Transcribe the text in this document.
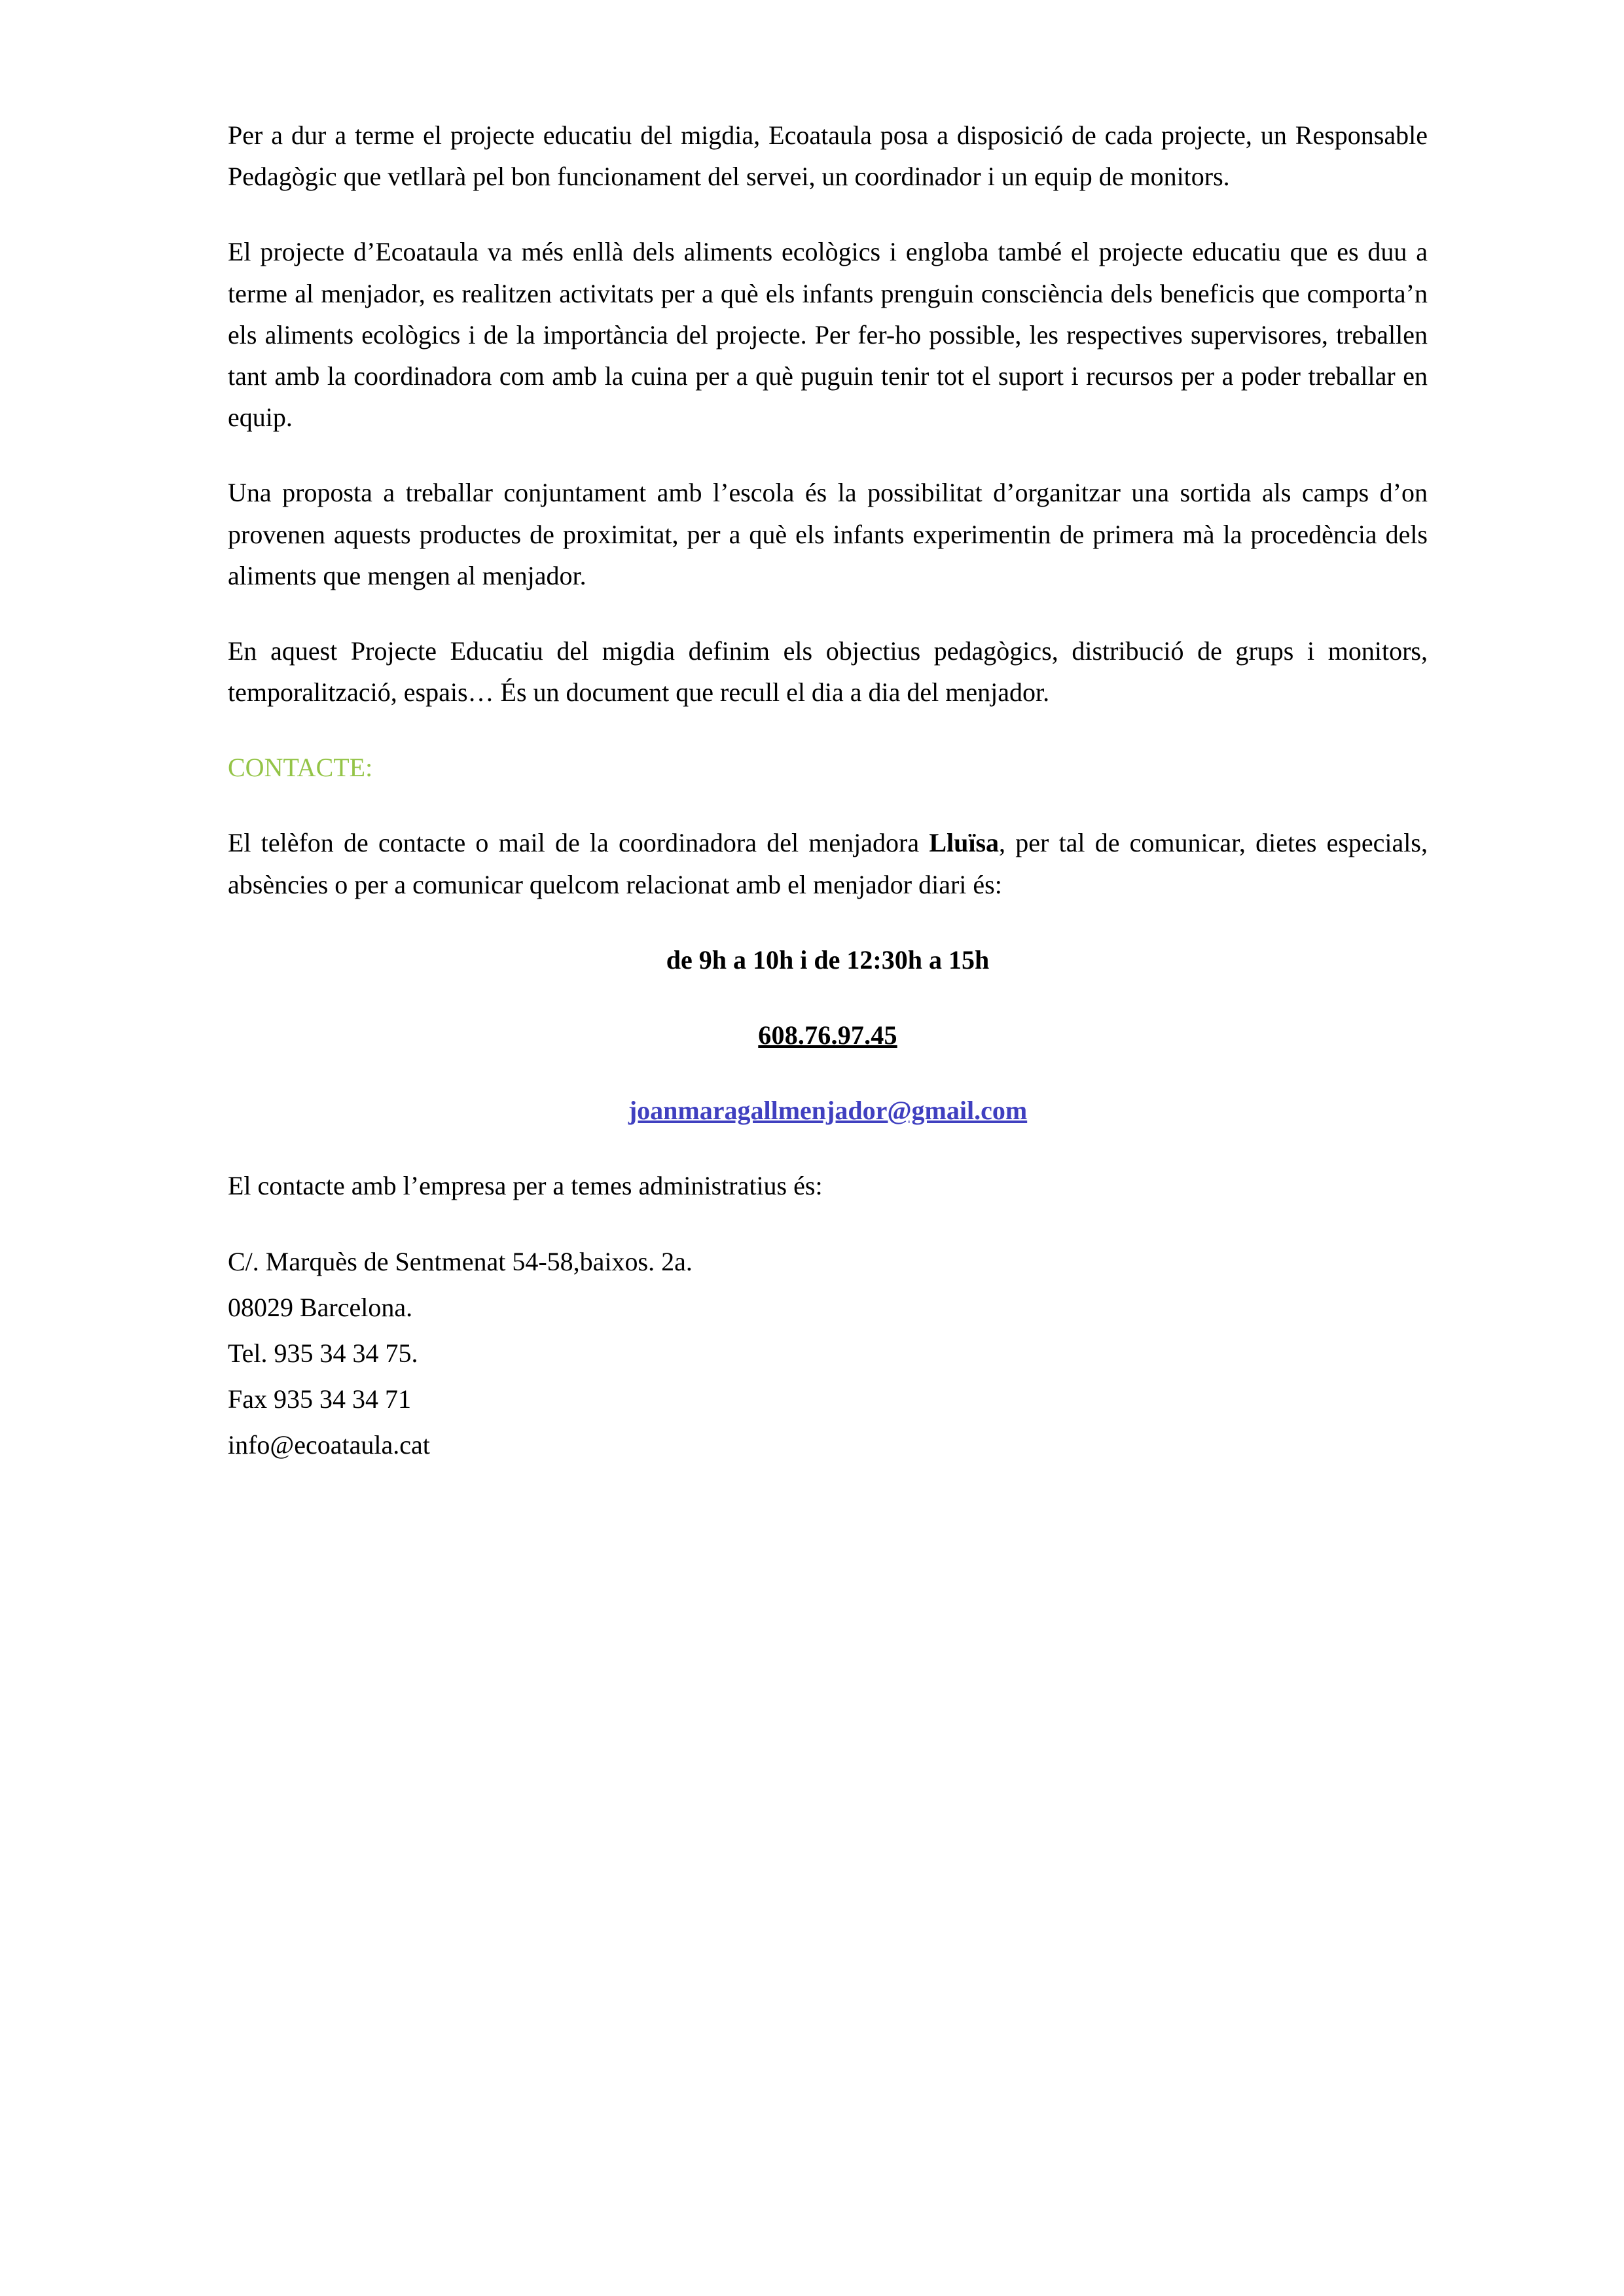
Per a dur a terme el projecte educatiu del migdia, Ecoataula posa a disposició de cada projecte, un Responsable Pedagògic que vetllarà pel bon funcionament del servei, un coordinador i un equip de monitors.

El projecte d’Ecoataula va més enllà dels aliments ecològics i engloba també el projecte educatiu que es duu a terme al menjador, es realitzen activitats per a què els infants prenguin consciència dels beneficis que comporta’n els aliments ecològics i de la importància del projecte. Per fer-ho possible, les respectives supervisores, treballen tant amb la coordinadora com amb la cuina per a què puguin tenir tot el suport i recursos per a poder treballar en equip.

Una proposta a treballar conjuntament amb l’escola és la possibilitat d’organitzar una sortida als camps d’on provenen aquests productes de proximitat, per a què els infants experimentin de primera mà la procedència dels aliments que mengen al menjador.

En aquest Projecte Educatiu del migdia definim els objectius pedagògics, distribució de grups i monitors, temporalització, espais… És un document que recull el dia a dia del menjador.

CONTACTE:

El telèfon de contacte o mail de la coordinadora del menjadora Lluïsa, per tal de comunicar, dietes especials, absències o per a comunicar quelcom relacionat amb el menjador diari és:

de 9h a 10h i de 12:30h a 15h
608.76.97.45
joanmaragallmenjador@gmail.com

El contacte amb l’empresa per a temes administratius és:

C/. Marquès de Sentmenat 54-58,baixos. 2a.
08029 Barcelona.
Tel. 935 34 34 75.
Fax 935 34 34 71
info@ecoataula.cat
